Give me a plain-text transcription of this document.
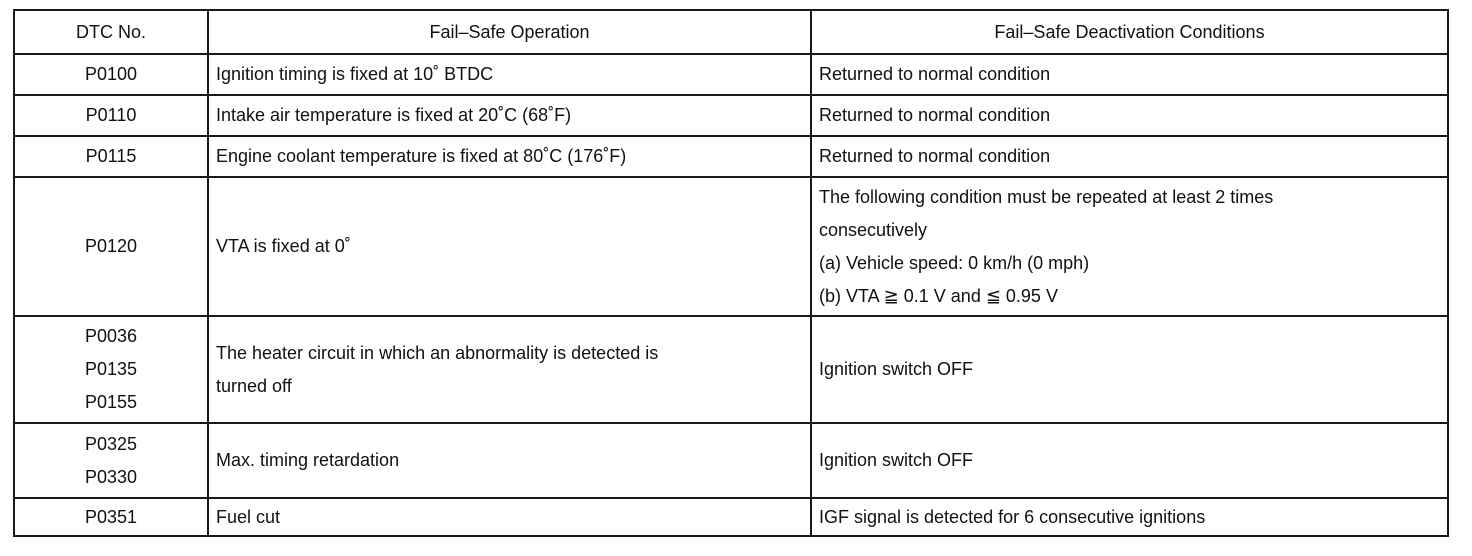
DTC No.	Fail–Safe Operation	Fail–Safe Deactivation Conditions

P0100	Ignition timing is fixed at 10˚ BTDC	Returned to normal condition

P0110	Intake air temperature is fixed at 20˚C (68˚F)	Returned to normal condition

P0115	Engine coolant temperature is fixed at 80˚C (176˚F)	Returned to normal condition

P0120	VTA is fixed at 0˚	The following condition must be repeated at least 2 times
consecutively
(a) Vehicle speed: 0 km/h (0 mph)
(b) VTA ≧ 0.1 V and ≦ 0.95 V

P0036
P0135
P0155	The heater circuit in which an abnormality is detected is
turned off	Ignition switch OFF

P0325
P0330	Max. timing retardation	Ignition switch OFF

P0351	Fuel cut	IGF signal is detected for 6 consecutive ignitions
